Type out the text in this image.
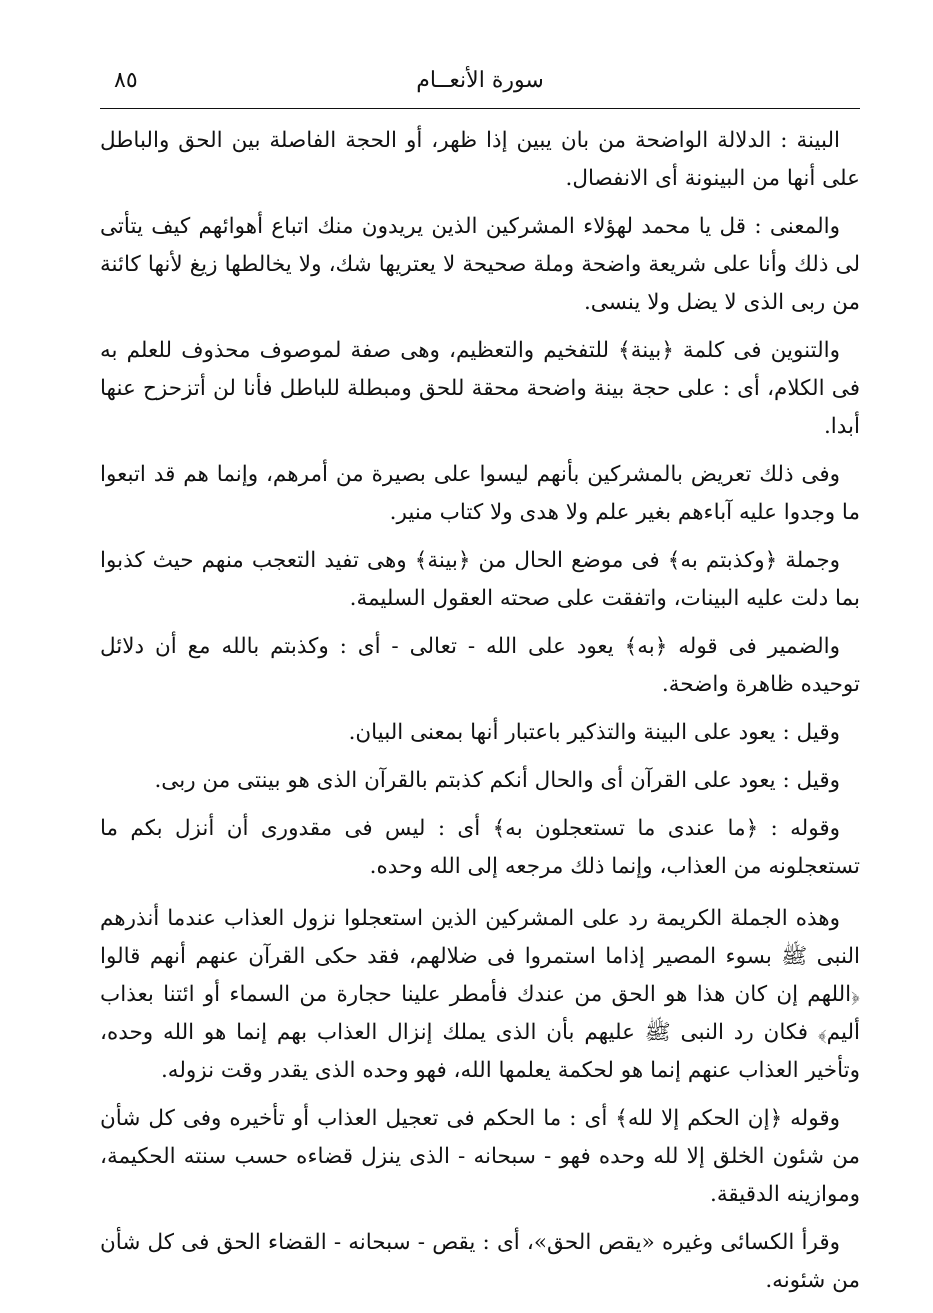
٨٥	سورة الأنعــام

البينة : الدلالة الواضحة من بان يبين إذا ظهر، أو الحجة الفاصلة بين الحق والباطل على أنها من البينونة أى الانفصال.

والمعنى : قل يا محمد لهؤلاء المشركين الذين يريدون منك اتباع أهوائهم كيف يتأتى لى ذلك وأنا على شريعة واضحة وملة صحيحة لا يعتريها شك، ولا يخالطها زيغ لأنها كائنة من ربى الذى لا يضل ولا ينسى.

والتنوين فى كلمة ﴿بينة﴾ للتفخيم والتعظيم، وهى صفة لموصوف محذوف للعلم به فى الكلام، أى : على حجة بينة واضحة محقة للحق ومبطلة للباطل فأنا لن أتزحزح عنها أبدا.

وفى ذلك تعريض بالمشركين بأنهم ليسوا على بصيرة من أمرهم، وإنما هم قد اتبعوا ما وجدوا عليه آباءهم بغير علم ولا هدى ولا كتاب منير.

وجملة ﴿وكذبتم به﴾ فى موضع الحال من ﴿بينة﴾ وهى تفيد التعجب منهم حيث كذبوا بما دلت عليه البينات، واتفقت على صحته العقول السليمة.

والضمير فى قوله ﴿به﴾ يعود على الله - تعالى - أى : وكذبتم بالله مع أن دلائل توحيده ظاهرة واضحة.

وقيل : يعود على البينة والتذكير باعتبار أنها بمعنى البيان.

وقيل : يعود على القرآن أى والحال أنكم كذبتم بالقرآن الذى هو بينتى من ربى.

وقوله : ﴿ما عندى ما تستعجلون به﴾ أى : ليس فى مقدورى أن أنزل بكم ما تستعجلونه من العذاب، وإنما ذلك مرجعه إلى الله وحده.

وهذه الجملة الكريمة رد على المشركين الذين استعجلوا نزول العذاب عندما أنذرهم النبى ﷺ بسوء المصير إذاما استمروا فى ضلالهم، فقد حكى القرآن عنهم أنهم قالوا ﴿اللهم إن كان هذا هو الحق من عندك فأمطر علينا حجارة من السماء أو ائتنا بعذاب أليم﴾ فكان رد النبى ﷺ عليهم بأن الذى يملك إنزال العذاب بهم إنما هو الله وحده، وتأخير العذاب عنهم إنما هو لحكمة يعلمها الله، فهو وحده الذى يقدر وقت نزوله.

وقوله ﴿إن الحكم إلا لله﴾ أى : ما الحكم فى تعجيل العذاب أو تأخيره وفى كل شأن من شئون الخلق إلا لله وحده فهو - سبحانه - الذى ينزل قضاءه حسب سنته الحكيمة، وموازينه الدقيقة.

وقرأ الكسائى وغيره «يقص الحق»، أى : يقص - سبحانه - القضاء الحق فى كل شأن من شئونه.
